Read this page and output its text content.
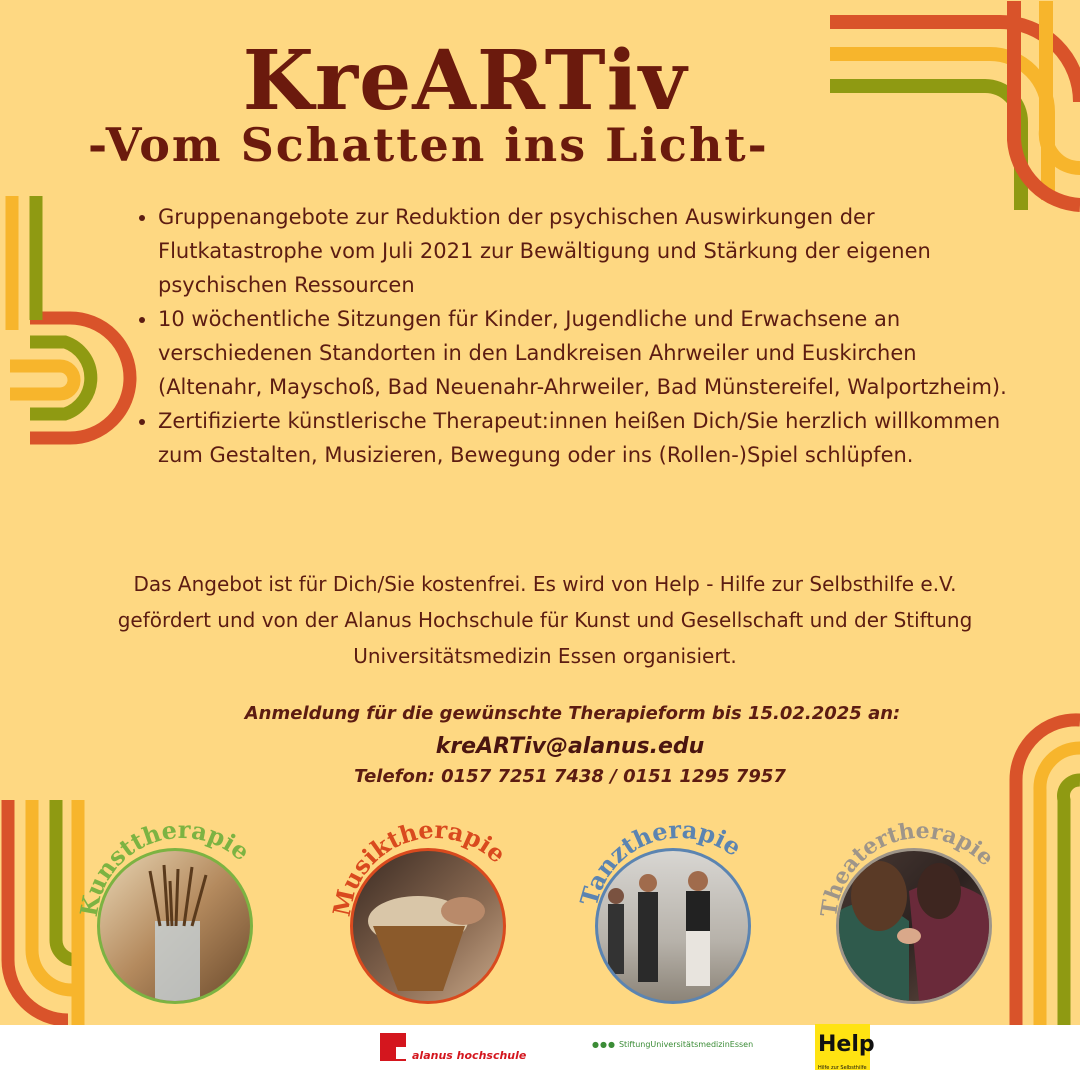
KreARTiv
-Vom Schatten ins Licht-
• Gruppenangebote zur Reduktion der psychischen Auswirkungen der Flutkatastrophe vom Juli 2021 zur Bewältigung und Stärkung der eigenen psychischen Ressourcen
• 10 wöchentliche Sitzungen für Kinder, Jugendliche und Erwachsene an verschiedenen Standorten in den Landkreisen Ahrweiler und Euskirchen (Altenahr, Mayschoß, Bad Neuenahr-Ahrweiler, Bad Münstereifel, Walportzheim).
• Zertifizierte künstlerische Therapeut:innen heißen Dich/Sie herzlich willkommen zum Gestalten, Musizieren, Bewegung oder ins (Rollen-)Spiel schlüpfen.
Das Angebot ist für Dich/Sie kostenfrei. Es wird von Help - Hilfe zur Selbsthilfe e.V. gefördert und von der Alanus Hochschule für Kunst und Gesellschaft und der Stiftung Universitätsmedizin Essen organisiert.
Anmeldung für die gewünschte Therapieform bis 15.02.2025 an:
kreARTiv@alanus.edu
Telefon: 0157 7251 7438 / 0151 1295 7957
Kunsttherapie
Musiktherapie
Tanztherapie
Theatertherapie
alanus hochschule
●●● StiftungUniversitätsmedizinEssen	Help
Hilfe zur Selbsthilfe
